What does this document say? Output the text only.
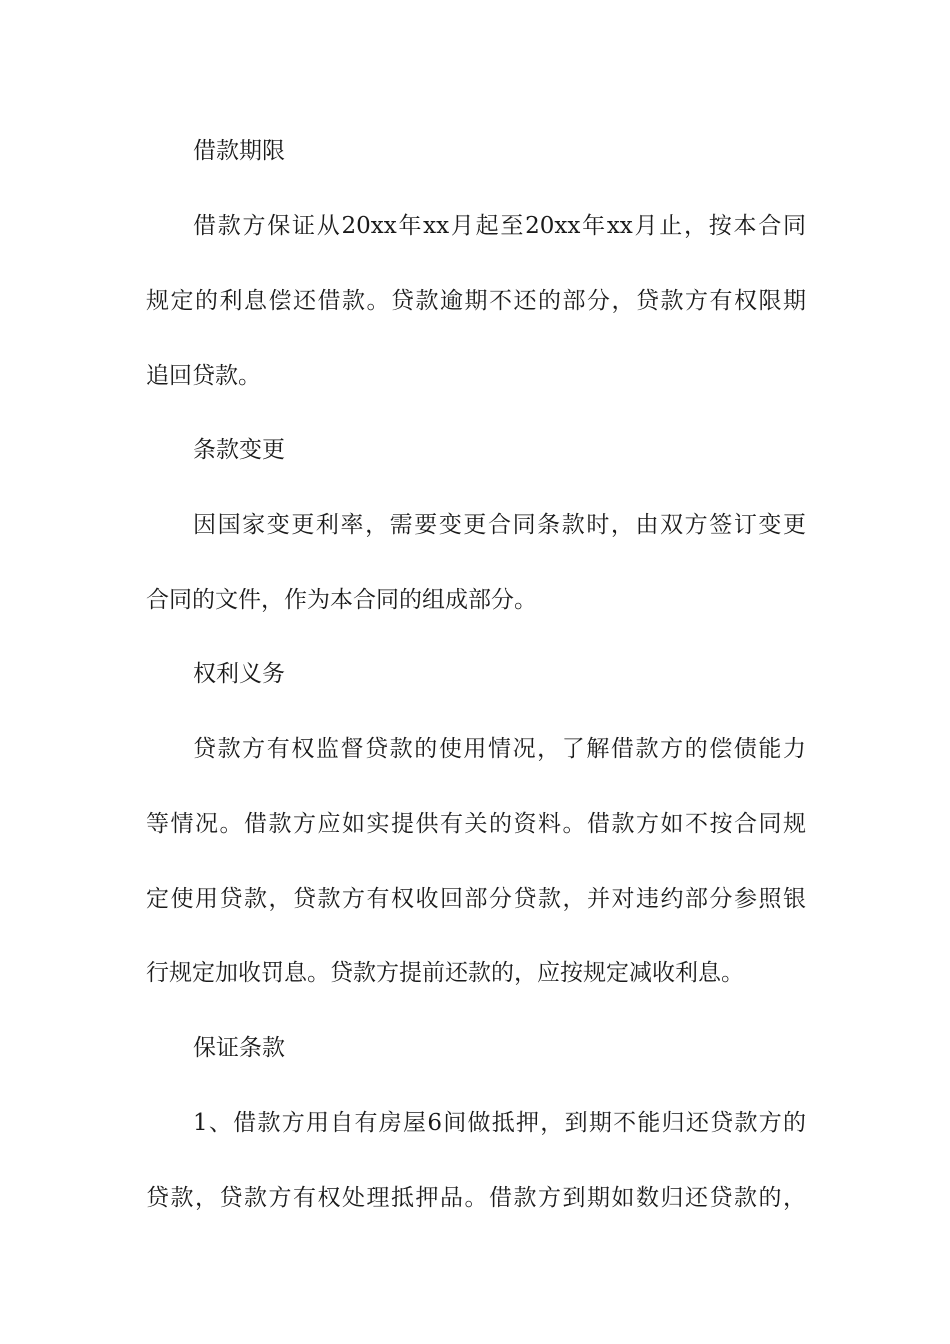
借款期限
借款方保证从20xx年xx月起至20xx年xx月止，按本合同
规定的利息偿还借款。贷款逾期不还的部分，贷款方有权限期
追回贷款。
条款变更
因国家变更利率，需要变更合同条款时，由双方签订变更
合同的文件，作为本合同的组成部分。
权利义务
贷款方有权监督贷款的使用情况，了解借款方的偿债能力
等情况。借款方应如实提供有关的资料。借款方如不按合同规
定使用贷款，贷款方有权收回部分贷款，并对违约部分参照银
行规定加收罚息。贷款方提前还款的，应按规定减收利息。
保证条款
1、借款方用自有房屋6间做抵押，到期不能归还贷款方的
贷款，贷款方有权处理抵押品。借款方到期如数归还贷款的，
